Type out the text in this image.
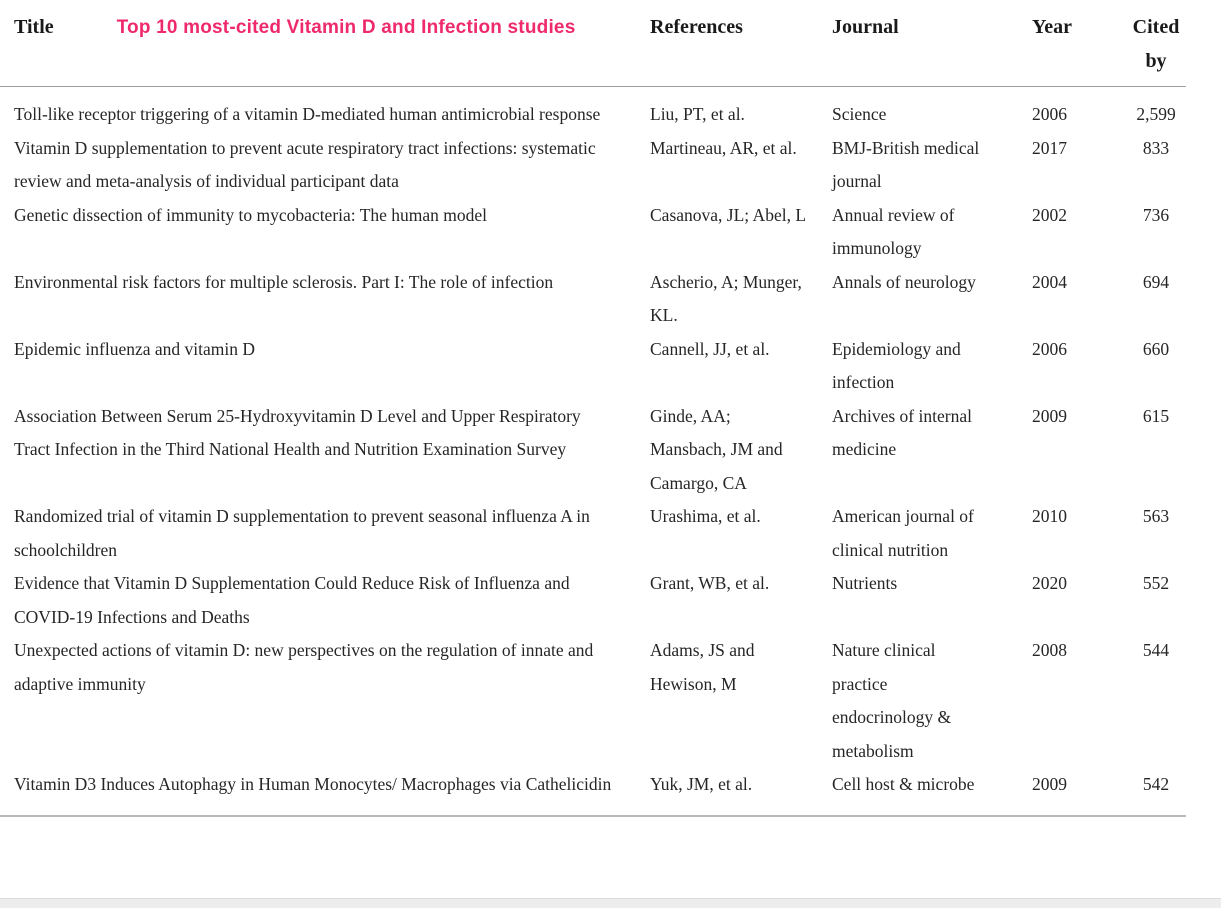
Title Top 10 most-cited Vitamin D and Infection studies	References	Journal	Year	Cited by
Toll-like receptor triggering of a vitamin D-mediated human antimicrobial response	Liu, PT, et al.	Science	2006	2,599
Vitamin D supplementation to prevent acute respiratory tract infections: systematic review and meta-analysis of individual participant data	Martineau, AR, et al.	BMJ-British medical journal	2017	833
Genetic dissection of immunity to mycobacteria: The human model	Casanova, JL; Abel, L	Annual review of immunology	2002	736
Environmental risk factors for multiple sclerosis. Part I: The role of infection	Ascherio, A; Munger, KL.	Annals of neurology	2004	694
Epidemic influenza and vitamin D	Cannell, JJ, et al.	Epidemiology and infection	2006	660
Association Between Serum 25-Hydroxyvitamin D Level and Upper Respiratory Tract Infection in the Third National Health and Nutrition Examination Survey	Ginde, AA; Mansbach, JM and Camargo, CA	Archives of internal medicine	2009	615
Randomized trial of vitamin D supplementation to prevent seasonal influenza A in schoolchildren	Urashima, et al.	American journal of clinical nutrition	2010	563
Evidence that Vitamin D Supplementation Could Reduce Risk of Influenza and COVID-19 Infections and Deaths	Grant, WB, et al.	Nutrients	2020	552
Unexpected actions of vitamin D: new perspectives on the regulation of innate and adaptive immunity	Adams, JS and Hewison, M	Nature clinical practice endocrinology & metabolism	2008	544
Vitamin D3 Induces Autophagy in Human Monocytes/ Macrophages via Cathelicidin	Yuk, JM, et al.	Cell host & microbe	2009	542
